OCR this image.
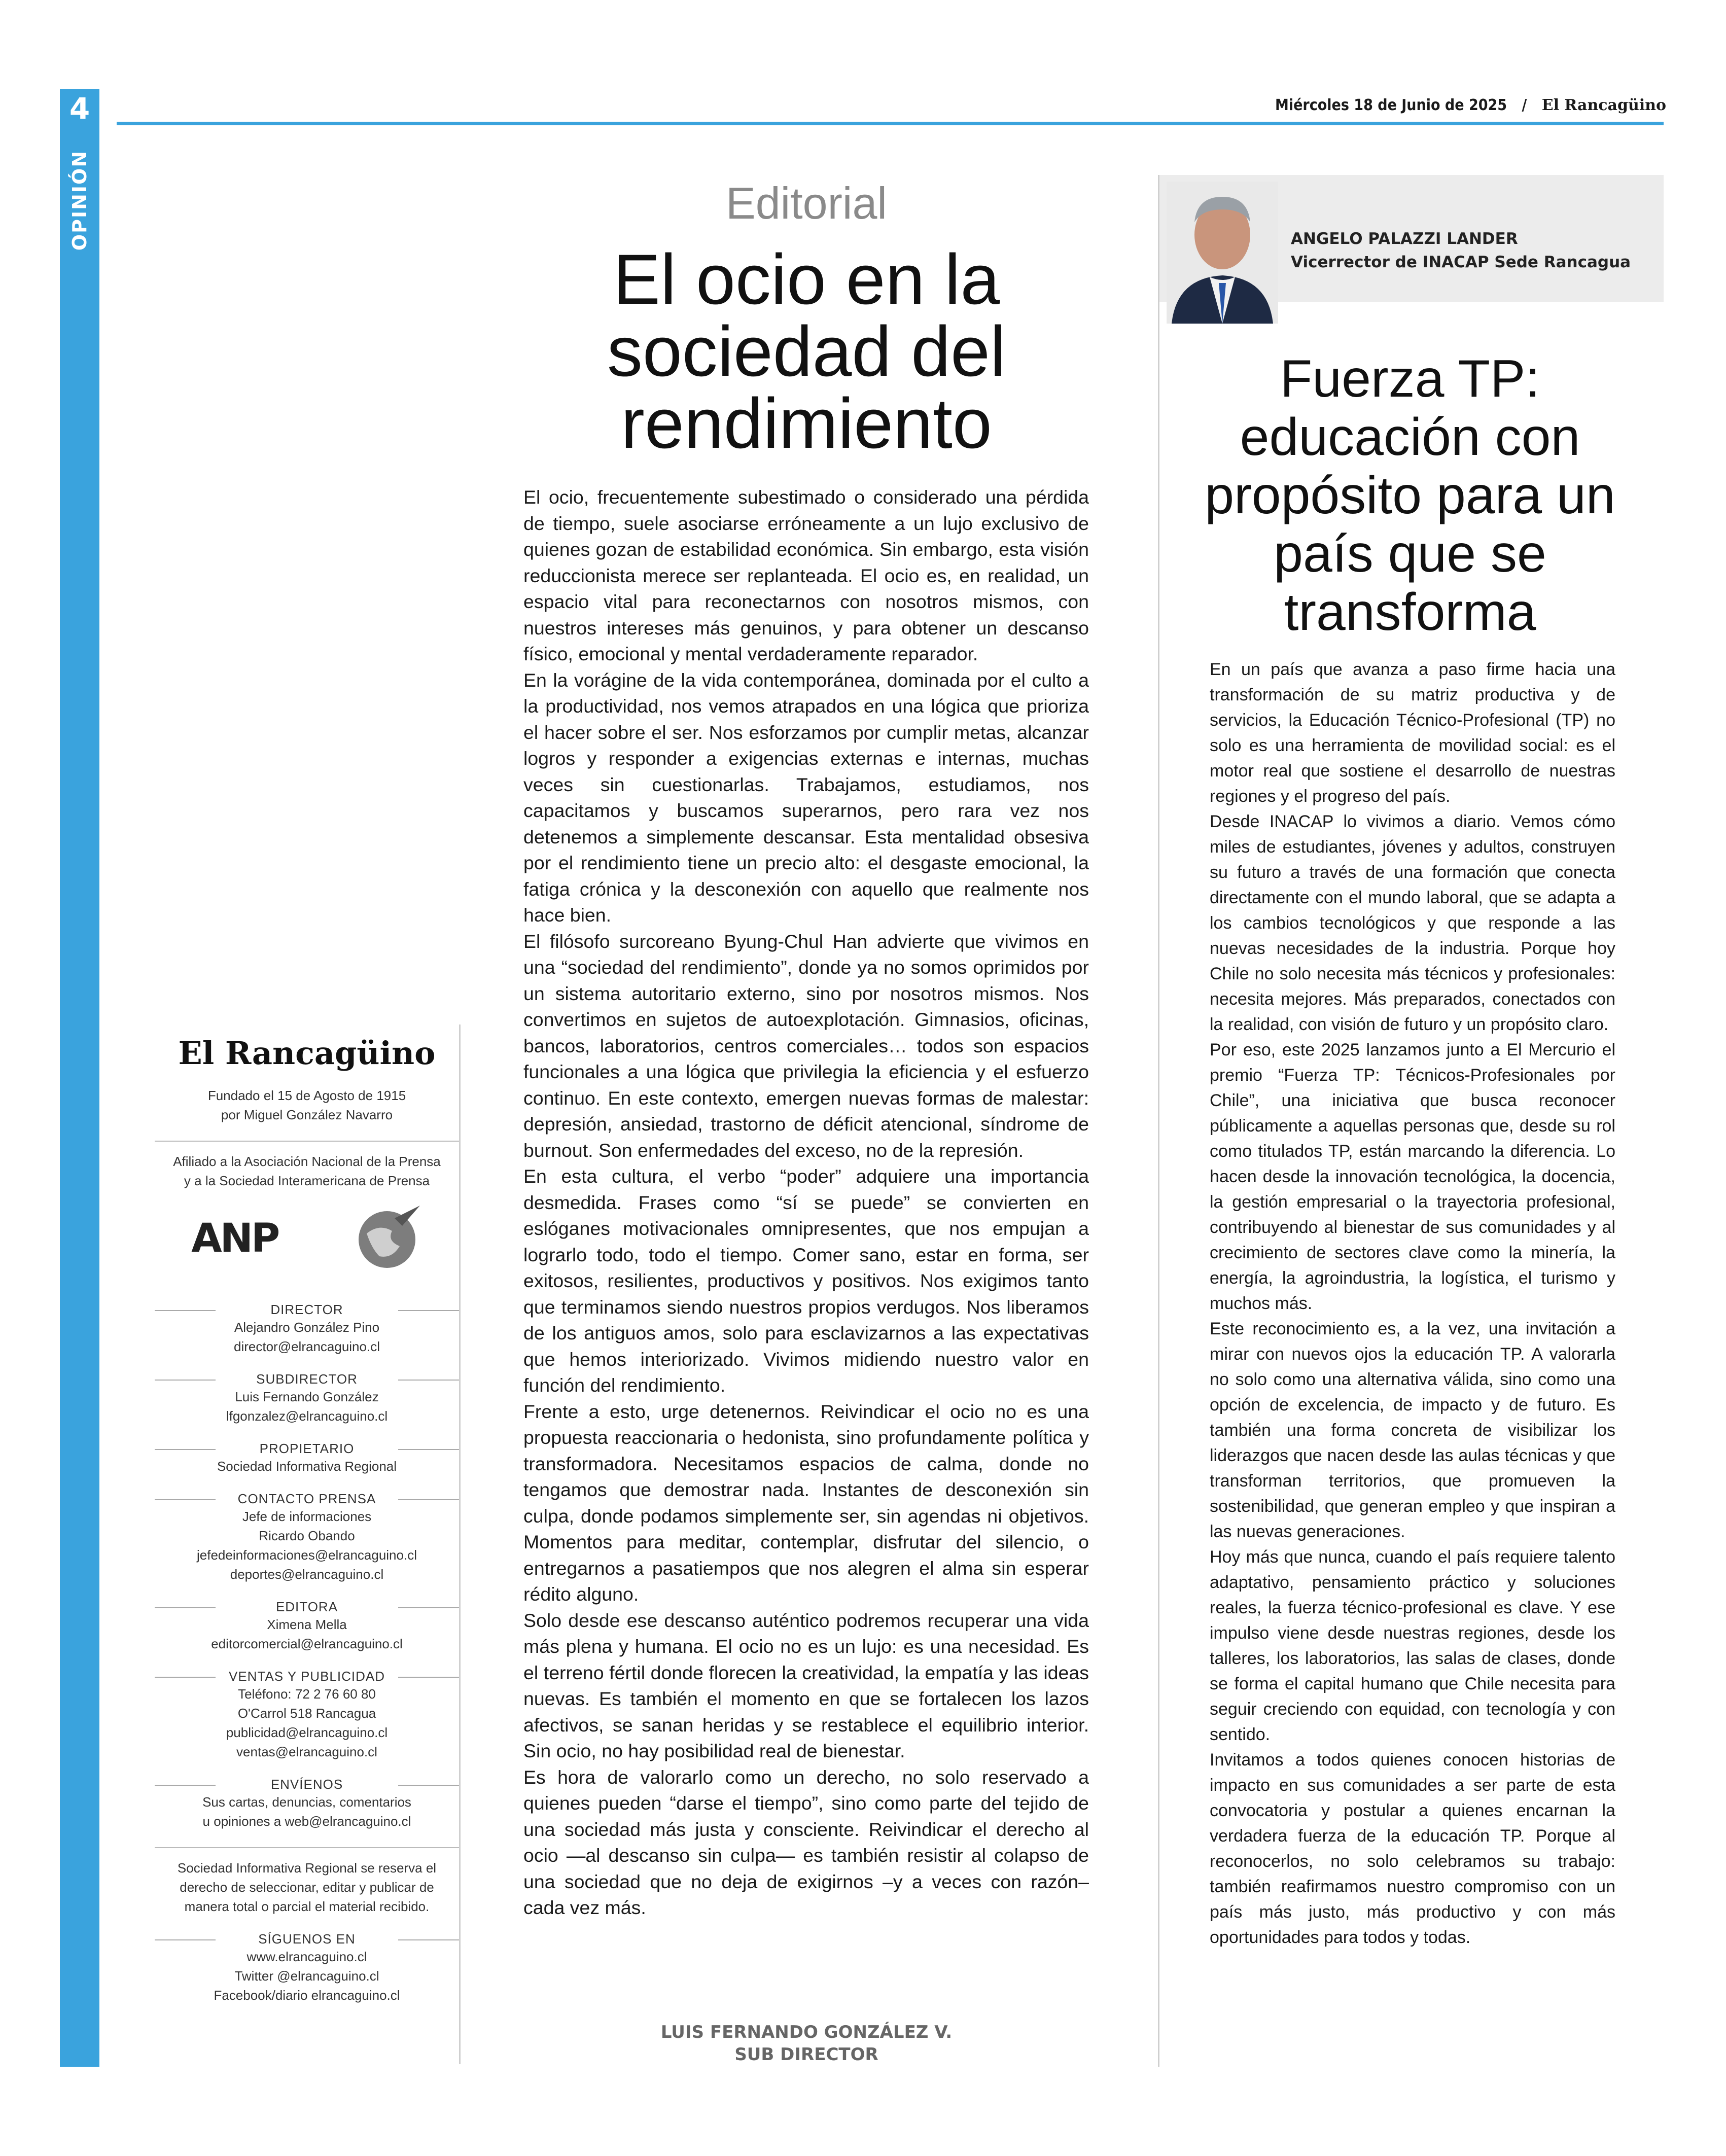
4
OPINIÓN
Miércoles 18 de Junio de 2025 / El Rancagüino
Editorial
El ocio en la sociedad del rendimiento

El ocio, frecuentemente subestimado o considerado una pérdida de tiempo, suele asociarse erróneamente a un lujo exclusivo de quienes gozan de estabilidad económica. Sin embargo, esta visión reduccionista merece ser replanteada. El ocio es, en realidad, un espacio vital para reconectarnos con nosotros mismos, con nuestros intereses más genuinos, y para obtener un descanso físico, emocional y mental verdaderamente reparador.

En la vorágine de la vida contemporánea, dominada por el culto a la productividad, nos vemos atrapados en una lógica que prioriza el hacer sobre el ser. Nos esforzamos por cumplir metas, alcanzar logros y responder a exigencias externas e internas, muchas veces sin cuestionarlas. Trabajamos, estudiamos, nos capacitamos y buscamos superarnos, pero rara vez nos detenemos a simplemente descansar. Esta mentalidad obsesiva por el rendimiento tiene un precio alto: el desgaste emocional, la fatiga crónica y la desconexión con aquello que realmente nos hace bien.

El filósofo surcoreano Byung-Chul Han advierte que vivimos en una “sociedad del rendimiento”, donde ya no somos oprimidos por un sistema autoritario externo, sino por nosotros mismos. Nos convertimos en sujetos de autoexplotación. Gimnasios, oficinas, bancos, laboratorios, centros comerciales… todos son espacios funcionales a una lógica que privilegia la eficiencia y el esfuerzo continuo. En este contexto, emergen nuevas formas de malestar: depresión, ansiedad, trastorno de déficit atencional, síndrome de burnout. Son enfermedades del exceso, no de la represión.

En esta cultura, el verbo “poder” adquiere una importancia desmedida. Frases como “sí se puede” se convierten en eslóganes motivacionales omnipresentes, que nos empujan a lograrlo todo, todo el tiempo. Comer sano, estar en forma, ser exitosos, resilientes, productivos y positivos. Nos exigimos tanto que terminamos siendo nuestros propios verdugos. Nos liberamos de los antiguos amos, solo para esclavizarnos a las expectativas que hemos interiorizado. Vivimos midiendo nuestro valor en función del rendimiento.

Frente a esto, urge detenernos. Reivindicar el ocio no es una propuesta reaccionaria o hedonista, sino profundamente política y transformadora. Necesitamos espacios de calma, donde no tengamos que demostrar nada. Instantes de desconexión sin culpa, donde podamos simplemente ser, sin agendas ni objetivos. Momentos para meditar, contemplar, disfrutar del silencio, o entregarnos a pasatiempos que nos alegren el alma sin esperar rédito alguno.

Solo desde ese descanso auténtico podremos recuperar una vida más plena y humana. El ocio no es un lujo: es una necesidad. Es el terreno fértil donde florecen la creatividad, la empatía y las ideas nuevas. Es también el momento en que se fortalecen los lazos afectivos, se sanan heridas y se restablece el equilibrio interior. Sin ocio, no hay posibilidad real de bienestar.

Es hora de valorarlo como un derecho, no solo reservado a quienes pueden “darse el tiempo”, sino como parte del tejido de una sociedad más justa y consciente. Reivindicar el derecho al ocio —al descanso sin culpa— es también resistir al colapso de una sociedad que no deja de exigirnos –y a veces con razón– cada vez más.

LUIS FERNANDO GONZÁLEZ V.
SUB DIRECTOR
El Rancagüino
Fundado el 15 de Agosto de 1915
por Miguel González Navarro
Afiliado a la Asociación Nacional de la Prensa
y a la Sociedad Interamericana de Prensa
ANP
DIRECTOR
Alejandro González Pino
director@elrancaguino.cl
SUBDIRECTOR
Luis Fernando González
lfgonzalez@elrancaguino.cl
PROPIETARIO
Sociedad Informativa Regional
CONTACTO PRENSA
Jefe de informaciones
Ricardo Obando
jefedeinformaciones@elrancaguino.cl
deportes@elrancaguino.cl
EDITORA
Ximena Mella
editorcomercial@elrancaguino.cl
VENTAS Y PUBLICIDAD
Teléfono: 72 2 76 60 80
O'Carrol 518 Rancagua
publicidad@elrancaguino.cl
ventas@elrancaguino.cl
ENVÍENOS
Sus cartas, denuncias, comentarios
u opiniones a web@elrancaguino.cl
Sociedad Informativa Regional se reserva el
derecho de seleccionar, editar y publicar de
manera total o parcial el material recibido.
SÍGUENOS EN
www.elrancaguino.cl
Twitter @elrancaguino.cl
Facebook/diario elrancaguino.cl
ANGELO PALAZZI LANDER
Vicerrector de INACAP Sede Rancagua
Fuerza TP: educación con propósito para un país que se transforma

En un país que avanza a paso firme hacia una transformación de su matriz productiva y de servicios, la Educación Técnico-Profesional (TP) no solo es una herramienta de movilidad social: es el motor real que sostiene el desarrollo de nuestras regiones y el progreso del país.

Desde INACAP lo vivimos a diario. Vemos cómo miles de estudiantes, jóvenes y adultos, construyen su futuro a través de una formación que conecta directamente con el mundo laboral, que se adapta a los cambios tecnológicos y que responde a las nuevas necesidades de la industria. Porque hoy Chile no solo necesita más técnicos y profesionales: necesita mejores. Más preparados, conectados con la realidad, con visión de futuro y un propósito claro.

Por eso, este 2025 lanzamos junto a El Mercurio el premio “Fuerza TP: Técnicos-Profesionales por Chile”, una iniciativa que busca reconocer públicamente a aquellas personas que, desde su rol como titulados TP, están marcando la diferencia. Lo hacen desde la innovación tecnológica, la docencia, la gestión empresarial o la trayectoria profesional, contribuyendo al bienestar de sus comunidades y al crecimiento de sectores clave como la minería, la energía, la agroindustria, la logística, el turismo y muchos más.

Este reconocimiento es, a la vez, una invitación a mirar con nuevos ojos la educación TP. A valorarla no solo como una alternativa válida, sino como una opción de excelencia, de impacto y de futuro. Es también una forma concreta de visibilizar los liderazgos que nacen desde las aulas técnicas y que transforman territorios, que promueven la sostenibilidad, que generan empleo y que inspiran a las nuevas generaciones.

Hoy más que nunca, cuando el país requiere talento adaptativo, pensamiento práctico y soluciones reales, la fuerza técnico-profesional es clave. Y ese impulso viene desde nuestras regiones, desde los talleres, los laboratorios, las salas de clases, donde se forma el capital humano que Chile necesita para seguir creciendo con equidad, con tecnología y con sentido.

Invitamos a todos quienes conocen historias de impacto en sus comunidades a ser parte de esta convocatoria y postular a quienes encarnan la verdadera fuerza de la educación TP. Porque al reconocerlos, no solo celebramos su trabajo: también reafirmamos nuestro compromiso con un país más justo, más productivo y con más oportunidades para todos y todas.
